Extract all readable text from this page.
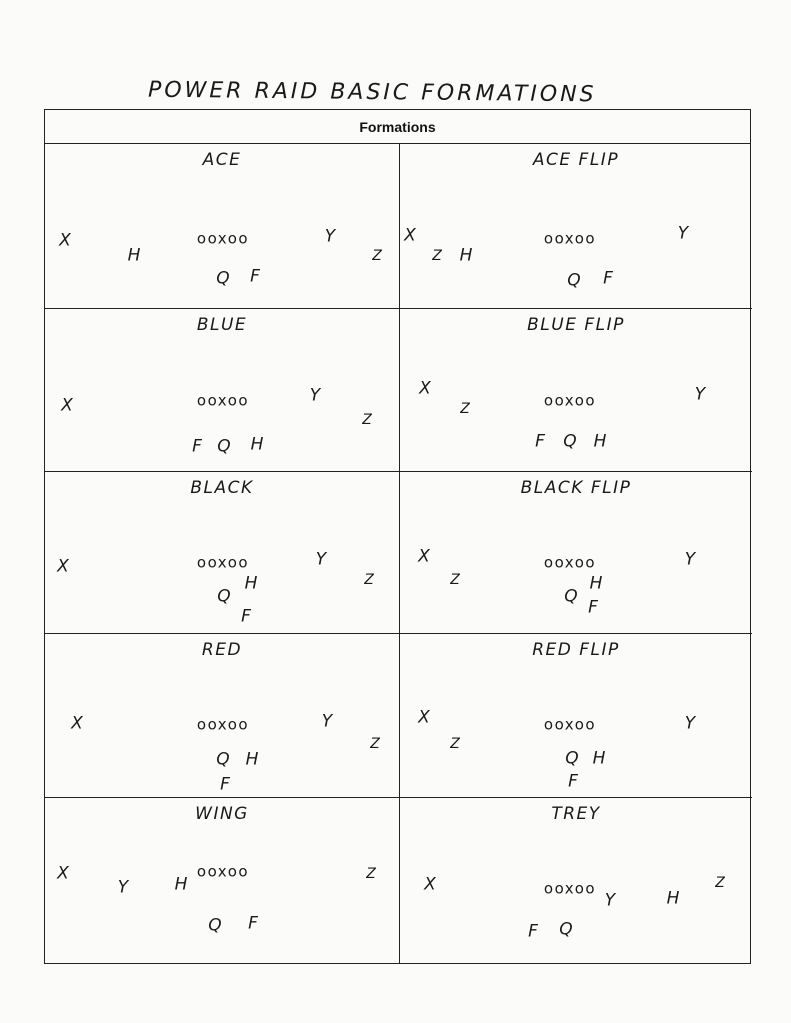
POWER RAID BASIC FORMATIONS
Formations
ACE
ooxoo
X
H
Y
Z
Q F
ACE FLIP
ooxoo
X
Z H
Y
Q F
BLUE
ooxoo
X	Y
Z
F Q H
BLUE FLIP
ooxoo
X
Z
Y
F Q H
BLACK
ooxoo
X	Y
Z
H
Q
F
BLACK FLIP
ooxoo
X
Z
Y
H
Q
F
RED
ooxoo
X	Y
Z
Q H
F
RED FLIP
ooxoo
X
Z
Y
Q H
F
WING
ooxoo
X
Y	H
Z
Q F
TREY
ooxoo
X
Y	H
Z
F Q
